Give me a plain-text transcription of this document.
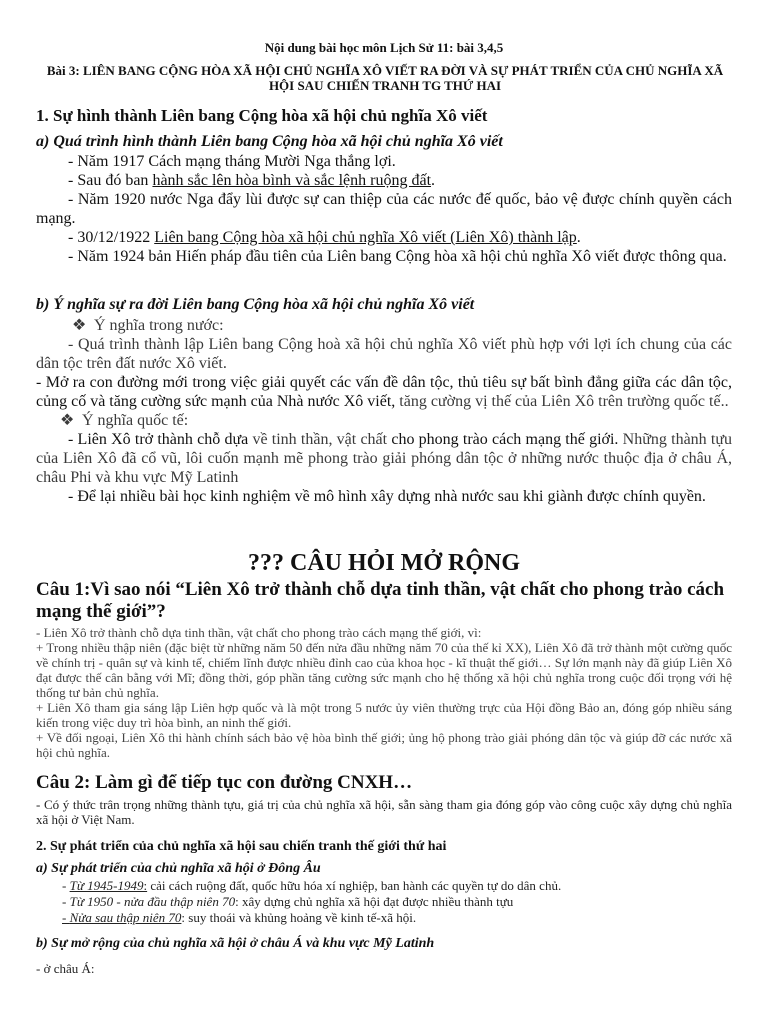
Nội dung bài học môn Lịch Sử 11: bài 3,4,5

Bài 3: LIÊN BANG CỘNG HÒA XÃ HỘI CHỦ NGHĨA XÔ VIẾT RA ĐỜI VÀ SỰ PHÁT TRIỂN CỦA CHỦ NGHĨA XÃ HỘI SAU CHIẾN TRANH TG THỨ HAI

1. Sự hình thành Liên bang Cộng hòa xã hội chủ nghĩa Xô viết

a) Quá trình hình thành Liên bang Cộng hòa xã hội chủ nghĩa Xô viết

- Năm 1917 Cách mạng tháng Mười Nga thắng lợi.
- Sau đó ban hành sắc lên hòa bình và sắc lệnh ruộng đất.
- Năm 1920 nước Nga đẩy lùi được sự can thiệp của các nước đế quốc, bảo vệ được chính quyền cách mạng.
- 30/12/1922 Liên bang Cộng hòa xã hội chủ nghĩa Xô viết (Liên Xô) thành lập.
- Năm 1924 bản Hiến pháp đầu tiên của Liên bang Cộng hòa xã hội chủ nghĩa Xô viết được thông qua.

b) Ý nghĩa sự ra đời Liên bang Cộng hòa xã hội chủ nghĩa Xô viết

❖ Ý nghĩa trong nước:
- Quá trình thành lập Liên bang Cộng hoà xã hội chủ nghĩa Xô viết phù hợp với lợi ích chung của các dân tộc trên đất nước Xô viết.
- Mở ra con đường mới trong việc giải quyết các vấn đề dân tộc, thủ tiêu sự bất bình đẳng giữa các dân tộc, củng cố và tăng cường sức mạnh của Nhà nước Xô viết, tăng cường vị thế của Liên Xô trên trường quốc tế..
❖ Ý nghĩa quốc tế:
- Liên Xô trở thành chỗ dựa về tinh thần, vật chất cho phong trào cách mạng thế giới. Những thành tựu của Liên Xô đã cổ vũ, lôi cuốn mạnh mẽ phong trào giải phóng dân tộc ở những nước thuộc địa ở châu Á, châu Phi và khu vực Mỹ Latinh
- Để lại nhiều bài học kinh nghiệm về mô hình xây dựng nhà nước sau khi giành được chính quyền.

??? CÂU HỎI MỞ RỘNG

Câu 1:Vì sao nói “Liên Xô trở thành chỗ dựa tinh thần, vật chất cho phong trào cách mạng thế giới”?

- Liên Xô trở thành chỗ dựa tinh thần, vật chất cho phong trào cách mạng thế giới, vì:
+ Trong nhiều thập niên (đặc biệt từ những năm 50 đến nửa đầu những năm 70 của thế kỉ XX), Liên Xô đã trở thành một cường quốc về chính trị - quân sự và kinh tế, chiếm lĩnh được nhiều đỉnh cao của khoa học - kĩ thuật thế giới… Sự lớn mạnh này đã giúp Liên Xô đạt được thế cân bằng với Mĩ; đồng thời, góp phần tăng cường sức mạnh cho hệ thống xã hội chủ nghĩa trong cuộc đối trọng với hệ thống tư bản chủ nghĩa.
+ Liên Xô tham gia sáng lập Liên hợp quốc và là một trong 5 nước ủy viên thường trực của Hội đồng Bảo an, đóng góp nhiều sáng kiến trong việc duy trì hòa bình, an ninh thế giới.
+ Về đối ngoại, Liên Xô thi hành chính sách bảo vệ hòa bình thế giới; ủng hộ phong trào giải phóng dân tộc và giúp đỡ các nước xã hội chủ nghĩa.

Câu 2: Làm gì để tiếp tục con đường CNXH…

- Có ý thức trân trọng những thành tựu, giá trị của chủ nghĩa xã hội, sẵn sàng tham gia đóng góp vào công cuộc xây dựng chủ nghĩa xã hội ở Việt Nam.

2. Sự phát triển của chủ nghĩa xã hội sau chiến tranh thế giới thứ hai

a) Sự phát triển của chủ nghĩa xã hội ở Đông Âu

- Từ 1945-1949: cải cách ruộng đất, quốc hữu hóa xí nghiệp, ban hành các quyền tự do dân chủ.
- Từ 1950 - nửa đầu thập niên 70: xây dựng chủ nghĩa xã hội đạt được nhiều thành tựu
- Nửa sau thập niên 70: suy thoái và khủng hoảng về kinh tế-xã hội.

b) Sự mở rộng của chủ nghĩa xã hội ở châu Á và khu vực Mỹ Latinh

- ở châu Á:
